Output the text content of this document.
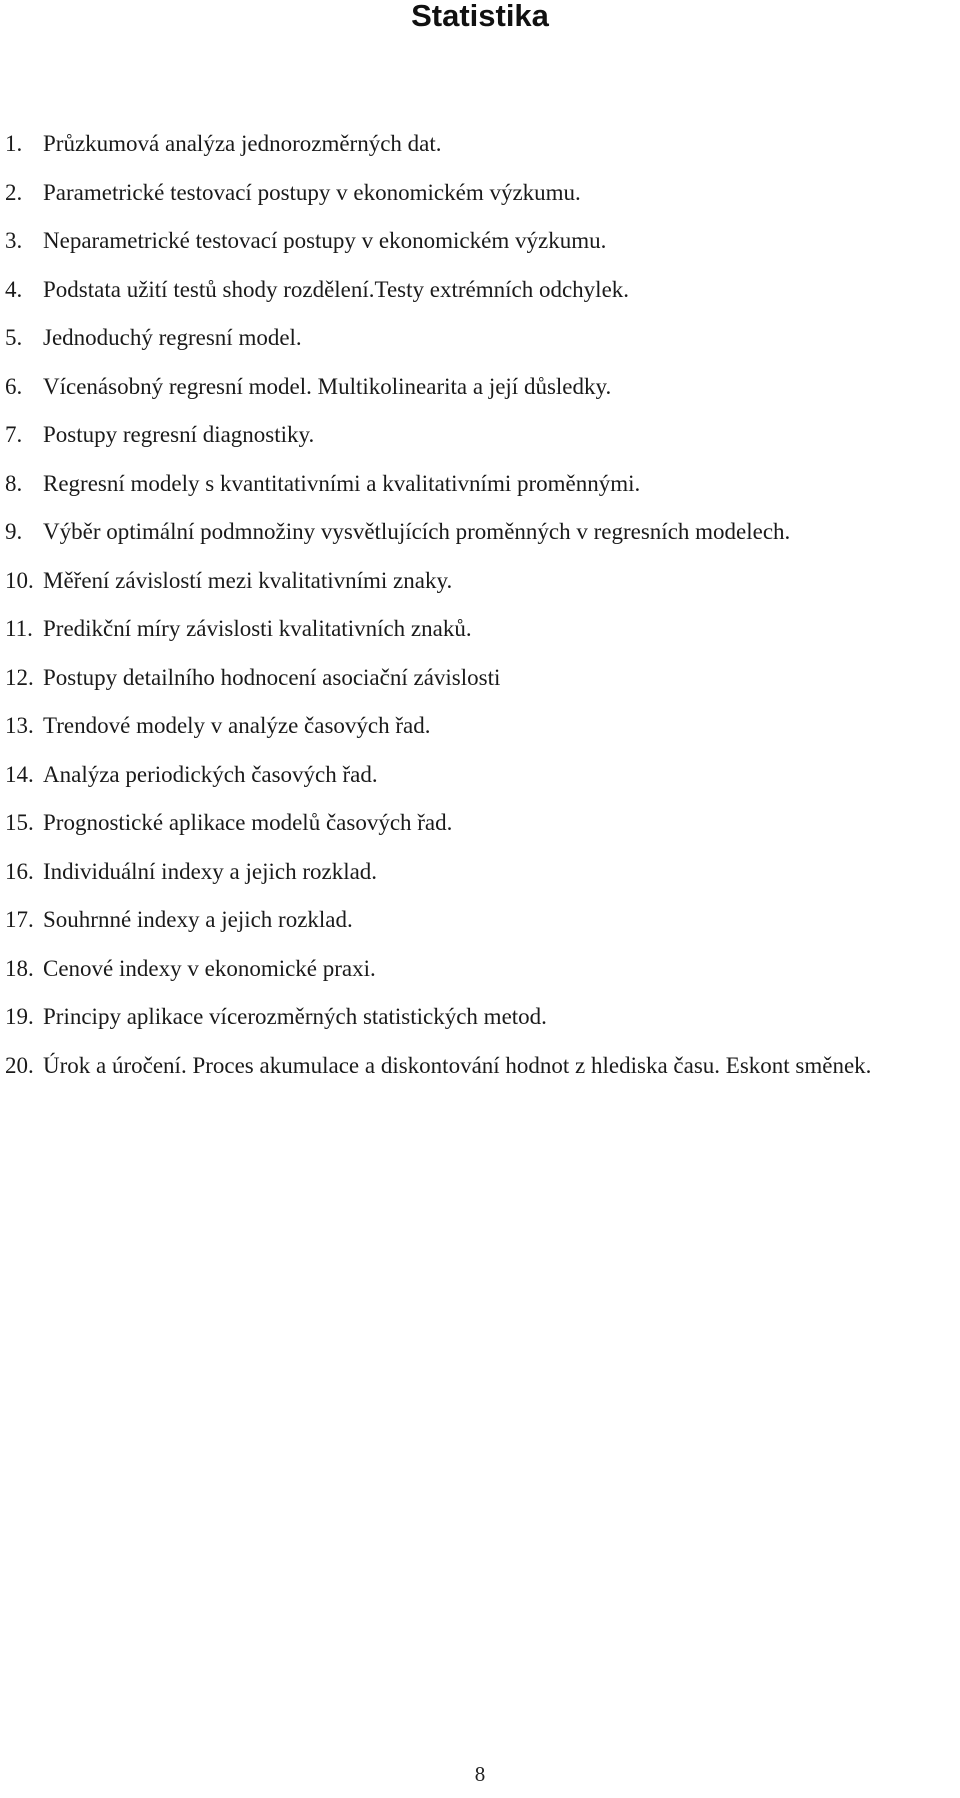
Statistika
1. Průzkumová analýza jednorozměrných dat.
2. Parametrické testovací postupy v ekonomickém výzkumu.
3. Neparametrické testovací postupy v ekonomickém výzkumu.
4. Podstata užití testů shody rozdělení.Testy extrémních odchylek.
5. Jednoduchý regresní model.
6. Vícenásobný regresní model. Multikolinearita a její důsledky.
7. Postupy regresní diagnostiky.
8. Regresní modely s kvantitativními a kvalitativními proměnnými.
9. Výběr optimální podmnožiny vysvětlujících proměnných v regresních modelech.
10. Měření závislostí mezi kvalitativními znaky.
11. Predikční míry závislosti kvalitativních znaků.
12. Postupy detailního hodnocení asociační závislosti
13. Trendové modely v analýze časových řad.
14. Analýza periodických časových řad.
15. Prognostické aplikace modelů časových řad.
16. Individuální indexy a jejich rozklad.
17. Souhrnné indexy a jejich rozklad.
18. Cenové indexy v ekonomické praxi.
19. Principy aplikace vícerozměrných statistických metod.
20. Úrok a úročení. Proces akumulace a diskontování hodnot z hlediska času. Eskont směnek.
8
